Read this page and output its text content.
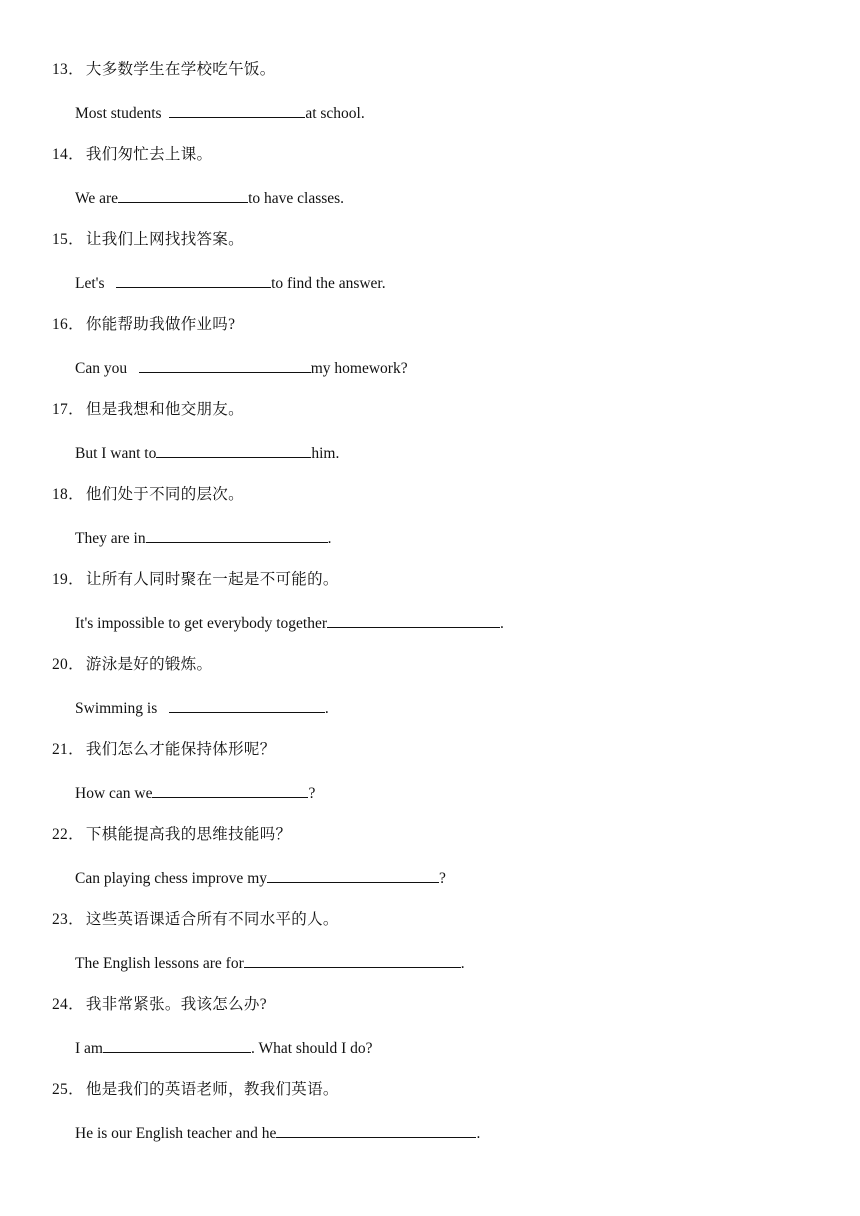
13． 大多数学生在学校吃午饭。
Most students	at school.
14． 我们匆忙去上课。
We are	to have classes.
15． 让我们上网找找答案。
Let's	to find the answer.
16． 你能帮助我做作业吗?
Can you	my homework?
17． 但是我想和他交朋友。
But I want to	him.
18． 他们处于不同的层次。
They are in	.
19． 让所有人同时聚在一起是不可能的。
It's impossible to get everybody together	.
20． 游泳是好的锻炼。
Swimming is	.
21． 我们怎么才能保持体形呢？
How can we	?
22． 下棋能提高我的思维技能吗？
Can playing chess improve my	?
23． 这些英语课适合所有不同水平的人。
The English lessons are for	.
24． 我非常紧张。我该怎么办?
I am	. What should I do?
25． 他是我们的英语老师，教我们英语。
He is our English teacher and he	.
